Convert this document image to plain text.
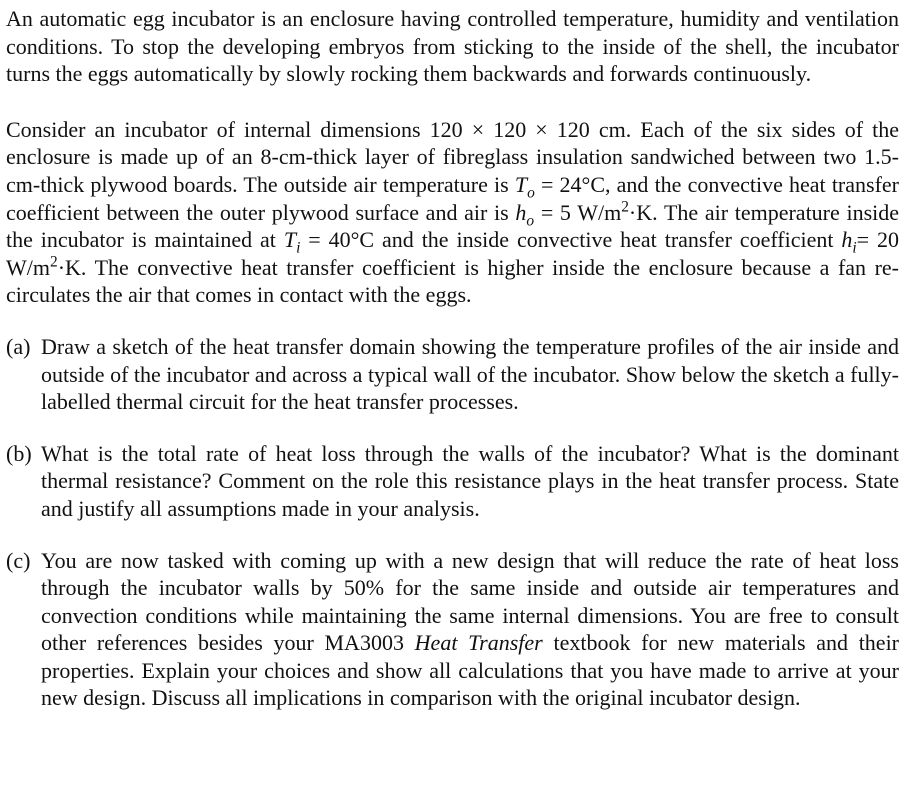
An automatic egg incubator is an enclosure having controlled temperature, humidity and ventilation conditions. To stop the developing embryos from sticking to the inside of the shell, the incubator turns the eggs automatically by slowly rocking them backwards and forwards continuously.

Consider an incubator of internal dimensions 120 × 120 × 120 cm. Each of the six sides of the enclosure is made up of an 8-cm-thick layer of fibreglass insulation sandwiched between two 1.5-cm-thick plywood boards. The outside air temperature is $T_o = 24^\circ C$, and the convective heat transfer coefficient between the outer plywood surface and air is $h_o = 5$ $W/m^2\cdot K$. The air temperature inside the incubator is maintained at $T_i = 40^\circ C$ and the inside convective heat transfer coefficient $h_i= 20$ $W/m^2\cdot K$. The convective heat transfer coefficient is higher inside the enclosure because a fan re-circulates the air that comes in contact with the eggs.

(a) Draw a sketch of the heat transfer domain showing the temperature profiles of the air inside and outside of the incubator and across a typical wall of the incubator. Show below the sketch a fully-labelled thermal circuit for the heat transfer processes.
(b) What is the total rate of heat loss through the walls of the incubator? What is the dominant thermal resistance? Comment on the role this resistance plays in the heat transfer process. State and justify all assumptions made in your analysis.
(c) You are now tasked with coming up with a new design that will reduce the rate of heat loss through the incubator walls by 50% for the same inside and outside air temperatures and convection conditions while maintaining the same internal dimensions. You are free to consult other references besides your MA3003 Heat Transfer textbook for new materials and their properties. Explain your choices and show all calculations that you have made to arrive at your new design. Discuss all implications in comparison with the original incubator design.
